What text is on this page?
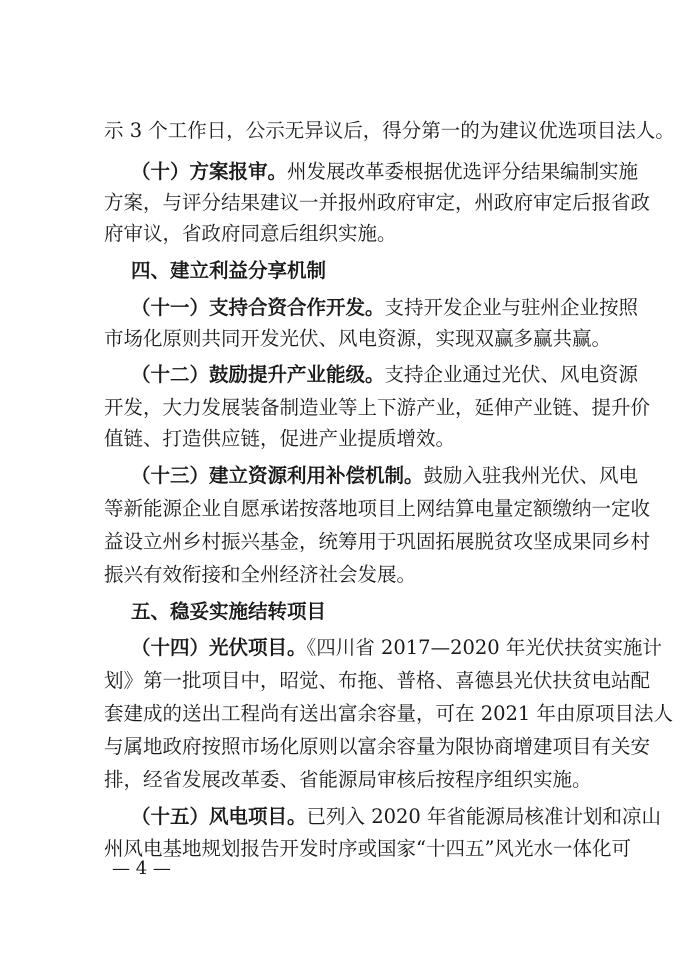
示 3 个工作日，公示无异议后，得分第一的为建议优选项目法人。
（十）方案报审。州发展改革委根据优选评分结果编制实施
方案，与评分结果建议一并报州政府审定，州政府审定后报省政
府审议，省政府同意后组织实施。
四、建立利益分享机制
（十一）支持合资合作开发。支持开发企业与驻州企业按照
市场化原则共同开发光伏、风电资源，实现双赢多赢共赢。
（十二）鼓励提升产业能级。支持企业通过光伏、风电资源
开发，大力发展装备制造业等上下游产业，延伸产业链、提升价
值链、打造供应链，促进产业提质增效。
（十三）建立资源利用补偿机制。鼓励入驻我州光伏、风电
等新能源企业自愿承诺按落地项目上网结算电量定额缴纳一定收
益设立州乡村振兴基金，统筹用于巩固拓展脱贫攻坚成果同乡村
振兴有效衔接和全州经济社会发展。
五、稳妥实施结转项目
（十四）光伏项目。《四川省 2017—2020 年光伏扶贫实施计
划》第一批项目中，昭觉、布拖、普格、喜德县光伏扶贫电站配
套建成的送出工程尚有送出富余容量，可在 2021 年由原项目法人
与属地政府按照市场化原则以富余容量为限协商增建项目有关安
排，经省发展改革委、省能源局审核后按程序组织实施。
（十五）风电项目。已列入 2020 年省能源局核准计划和凉山
州风电基地规划报告开发时序或国家“十四五”风光水一体化可
— 4 —
